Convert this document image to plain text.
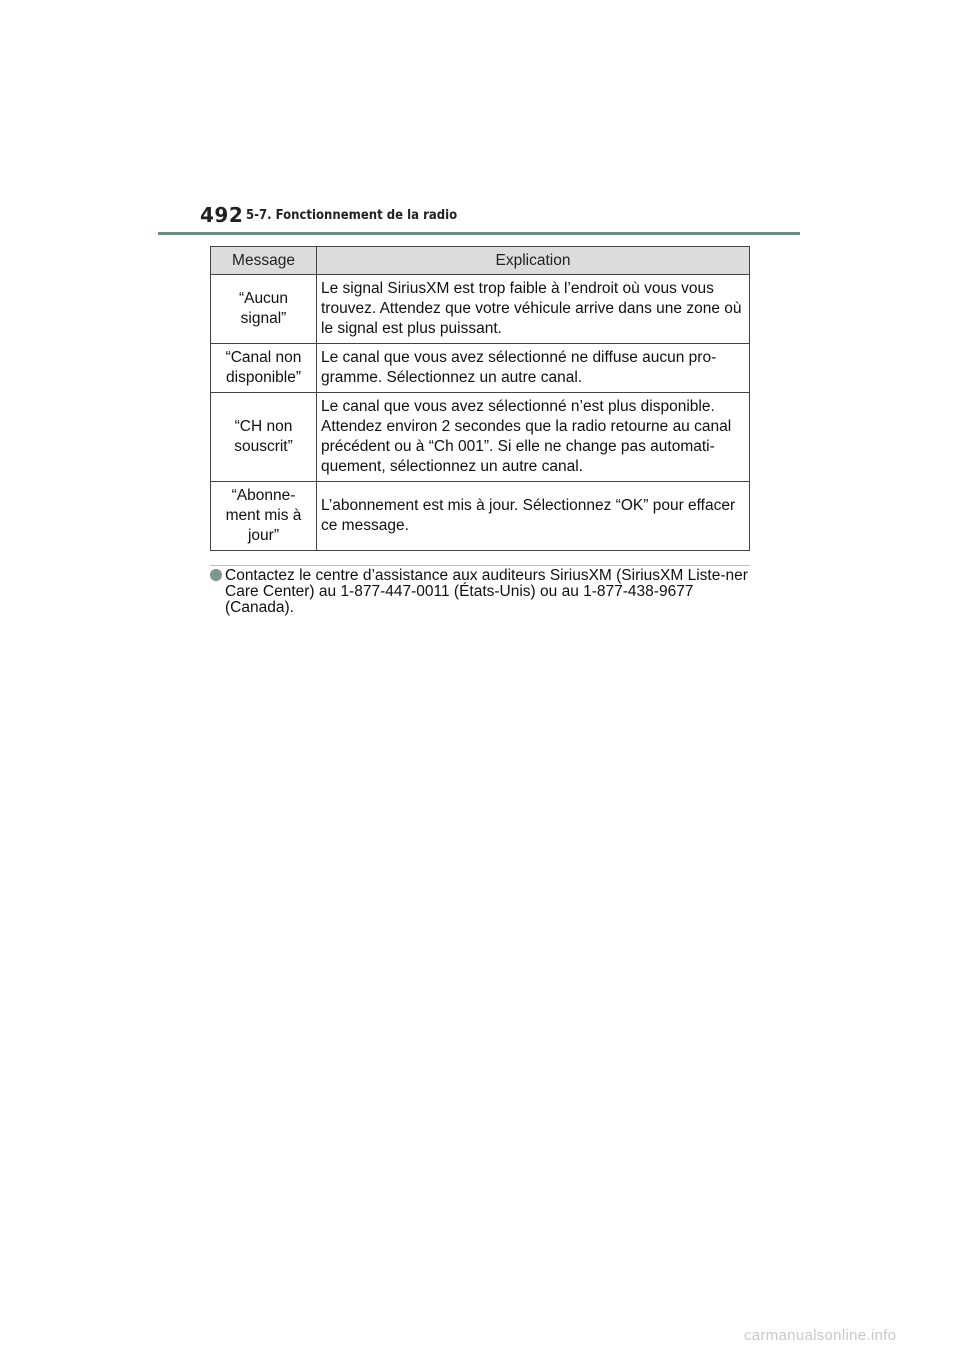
492 5-7. Fonctionnement de la radio
Message	Explication
“Aucun signal”	Le signal SiriusXM est trop faible à l’endroit où vous vous trouvez. Attendez que votre véhicule arrive dans une zone où le signal est plus puissant.
“Canal non disponible”	Le canal que vous avez sélectionné ne diffuse aucun pro-gramme. Sélectionnez un autre canal.
“CH non souscrit”	Le canal que vous avez sélectionné n’est plus disponible. Attendez environ 2 secondes que la radio retourne au canal précédent ou à “Ch 001”. Si elle ne change pas automati-quement, sélectionnez un autre canal.
“Abonne-ment mis à jour”	L’abonnement est mis à jour. Sélectionnez “OK” pour effacer ce message.
Contactez le centre d’assistance aux auditeurs SiriusXM (SiriusXM Liste-ner Care Center) au 1-877-447-0011 (États-Unis) ou au 1-877-438-9677 (Canada).
carmanualsonline.info
